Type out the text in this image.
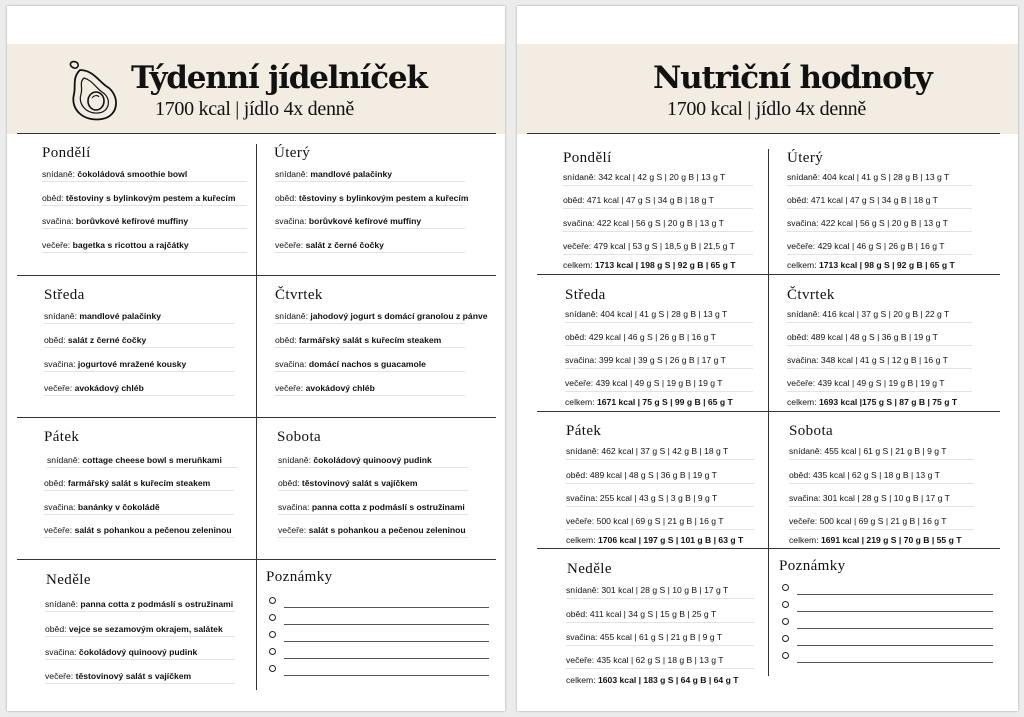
Týdenní jídelníček
1700 kcal | jídlo 4x denně
Pondělí
snídaně: čokoládová smoothie bowl
oběd: těstoviny s bylinkovým pestem a kuřecím
svačina: borůvkové kefírové muffiny
večeře: bagetka s ricottou a rajčátky
Úterý
snídaně: mandlové palačinky
oběd: těstoviny s bylinkovým pestem a kuřecím
svačina: borůvkové kefírové muffiny
večeře: salát z černé čočky
Středa
snídaně: mandlové palačinky
oběd: salát z černé čočky
svačina: jogurtové mražené kousky
večeře: avokádový chléb
Čtvrtek
snídaně: jahodový jogurt s domácí granolou z pánve
oběd: farmářský salát s kuřecím steakem
svačina: domácí nachos s guacamole
večeře: avokádový chléb
Pátek
snídaně: cottage cheese bowl s meruňkami
oběd: farmářský salát s kuřecím steakem
svačina: banánky v čokoládě
večeře: salát s pohankou a pečenou zeleninou
Sobota
snídaně: čokoládový quinoový pudink
oběd: těstovinový salát s vajíčkem
svačina: panna cotta z podmáslí s ostružinami
večeře: salát s pohankou a pečenou zeleninou
Neděle
snídaně: panna cotta z podmáslí s ostružinami
oběd: vejce se sezamovým okrajem, salátek
svačina: čokoládový quinoový pudink
večeře: těstovinový salát s vajíčkem
Poznámky
Nutriční hodnoty
1700 kcal | jídlo 4x denně
Pondělí
snídaně: 342 kcal | 42 g S | 20 g B | 13 g T
oběd: 471 kcal | 47 g S | 34 g B | 18 g T
svačina: 422 kcal | 56 g S | 20 g B | 13 g T
večeře: 479 kcal | 53 g S | 18,5 g B | 21,5 g T
celkem: 1713 kcal | 198 g S | 92 g B | 65 g T
Úterý
snídaně: 404 kcal | 41 g S | 28 g B | 13 g T
oběd: 471 kcal | 47 g S | 34 g B | 18 g T
svačina: 422 kcal | 56 g S | 20 g B | 13 g T
večeře: 429 kcal | 46 g S | 26 g B | 16 g T
celkem: 1713 kcal | 98 g S | 92 g B | 65 g T
Středa
snídaně: 404 kcal | 41 g S | 28 g B | 13 g T
oběd: 429 kcal | 46 g S | 26 g B | 16 g T
svačina: 399 kcal | 39 g S | 26 g B | 17 g T
večeře: 439 kcal | 49 g S | 19 g B | 19 g T
celkem: 1671 kcal | 75 g S | 99 g B | 65 g T
Čtvrtek
snídaně: 416 kcal | 37 g S | 20 g B | 22 g T
oběd: 489 kcal | 48 g S | 36 g B | 19 g T
svačina: 348 kcal | 41 g S | 12 g B | 16 g T
večeře: 439 kcal | 49 g S | 19 g B | 19 g T
celkem: 1693 kcal |175 g S | 87 g B | 75 g T
Pátek
snídaně: 462 kcal | 37 g S | 42 g B | 18 g T
oběd: 489 kcal | 48 g S | 36 g B | 19 g T
svačina: 255 kcal | 43 g S | 3 g B | 9 g T
večeře: 500 kcal | 69 g S | 21 g B | 16 g T
celkem: 1706 kcal | 197 g S | 101 g B | 63 g T
Sobota
snídaně: 455 kcal | 61 g S | 21 g B | 9 g T
oběd: 435 kcal | 62 g S | 18 g B | 13 g T
svačina: 301 kcal | 28 g S | 10 g B | 17 g T
večeře: 500 kcal | 69 g S | 21 g B | 16 g T
celkem: 1691 kcal | 219 g S | 70 g B | 55 g T
Neděle
snídaně: 301 kcal | 28 g S | 10 g B | 17 g T
oběd: 411 kcal | 34 g S | 15 g B | 25 g T
svačina: 455 kcal | 61 g S | 21 g B | 9 g T
večeře: 435 kcal | 62 g S | 18 g B | 13 g T
celkem: 1603 kcal | 183 g S | 64 g B | 64 g T
Poznámky
